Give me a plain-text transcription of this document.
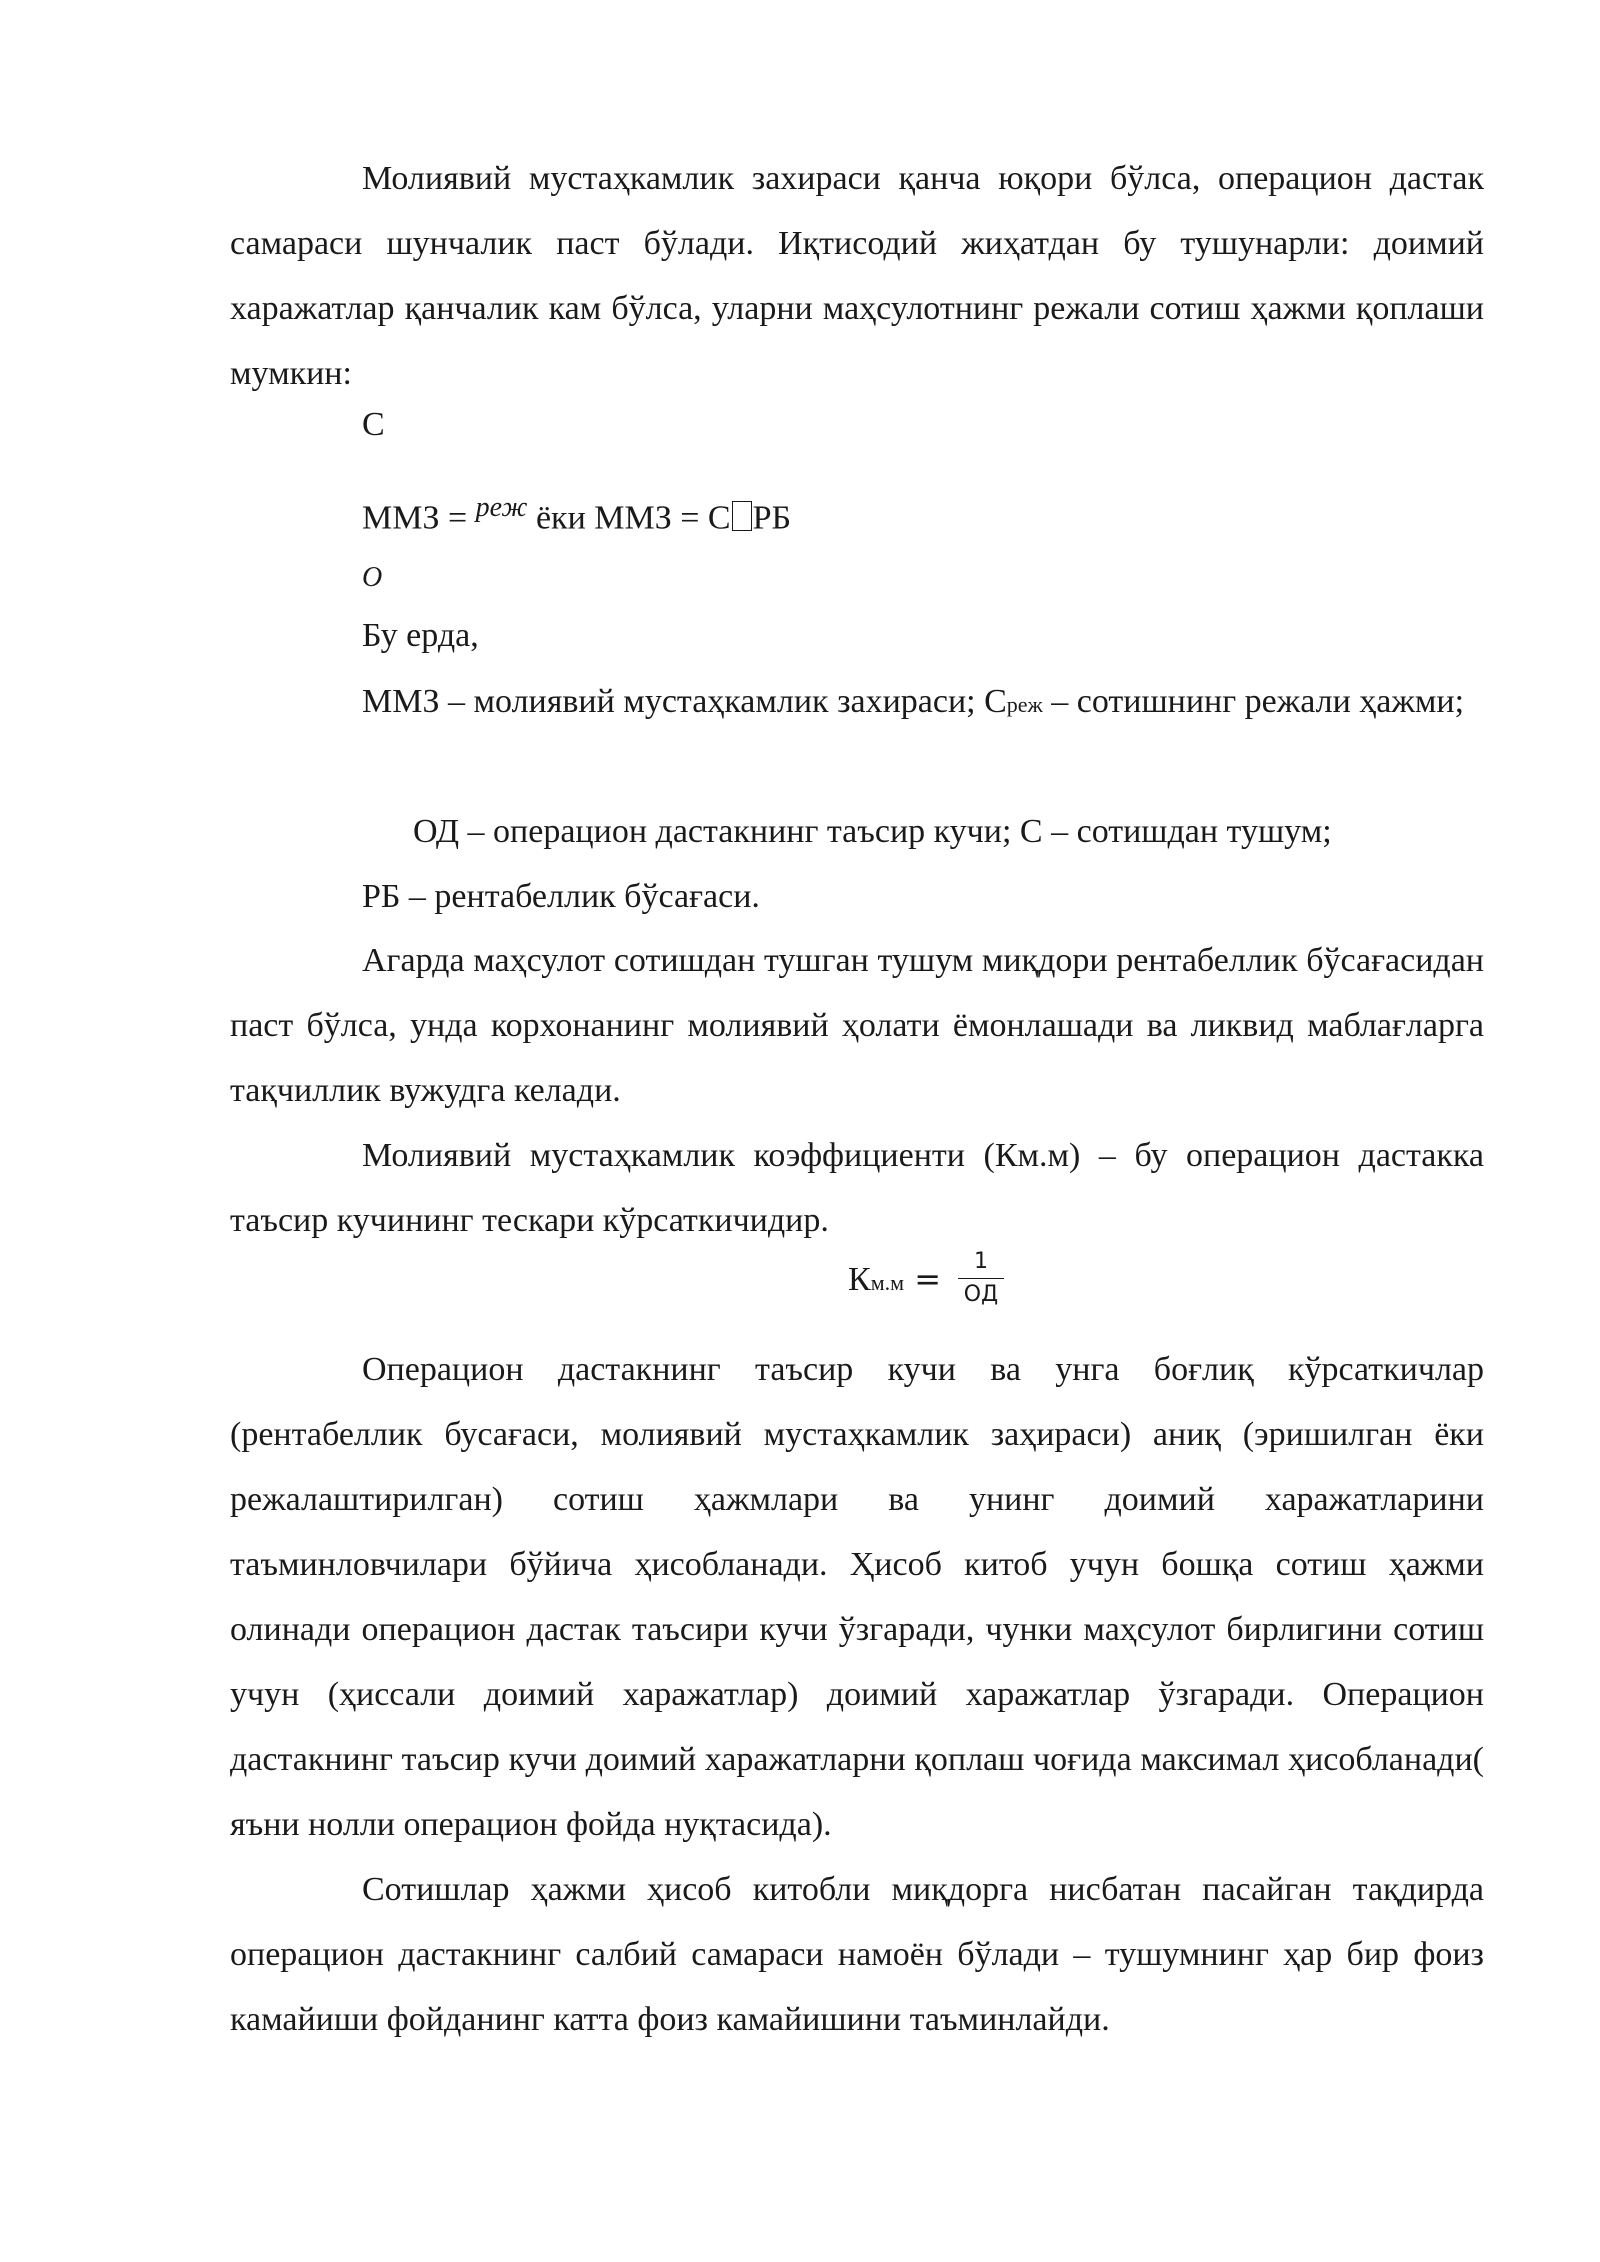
Молиявий мустаҳкамлик захираси қанча юқори бўлса, операцион дастак самараси шунчалик паст бўлади. Иқтисодий жиҳатдан бу тушунарли: доимий харажатлар қанчалик кам бўлса, уларни маҳсулотнинг режали сотиш ҳажми қоплаши мумкин:

С

ММЗ = $^{реж}$ ёки ММЗ = С РБ

О

Бу ерда,

ММЗ – молиявий мустаҳкамлик захираси; Среж – сотишнинг режали ҳажми;

ОД – операцион дастакнинг таъсир кучи; С – сотишдан тушум;

РБ – рентабеллик бўсағаси.

Агарда маҳсулот сотишдан тушган тушум миқдори рентабеллик бўсағасидан паст бўлса, унда корхонанинг молиявий ҳолати ёмонлашади ва ликвид маблағларга тақчиллик вужудга келади.

Молиявий мустаҳкамлик коэффициенти (Км.м) – бу операцион дастакка таъсир кучининг тескари кўрсаткичидир.

Км.м =	1
ОД

Операцион дастакнинг таъсир кучи ва унга боғлиқ кўрсаткичлар (рентабеллик бусағаси, молиявий мустаҳкамлик заҳираси) аниқ (эришилган ёки режалаштирилган) сотиш ҳажмлари ва унинг доимий харажатларини таъминловчилари бўйича ҳисобланади. Ҳисоб китоб учун бошқа сотиш ҳажми олинади операцион дастак таъсири кучи ўзгаради, чунки маҳсулот бирлигини сотиш учун (ҳиссали доимий харажатлар) доимий харажатлар ўзгаради. Операцион дастакнинг таъсир кучи доимий харажатларни қоплаш чоғида максимал ҳисобланади( яъни нолли операцион фойда нуқтасида).

Сотишлар ҳажми ҳисоб китобли миқдорга нисбатан пасайган тақдирда операцион дастакнинг салбий самараси намоён бўлади – тушумнинг ҳар бир фоиз камайиши фойданинг катта фоиз камайишини таъминлайди.
